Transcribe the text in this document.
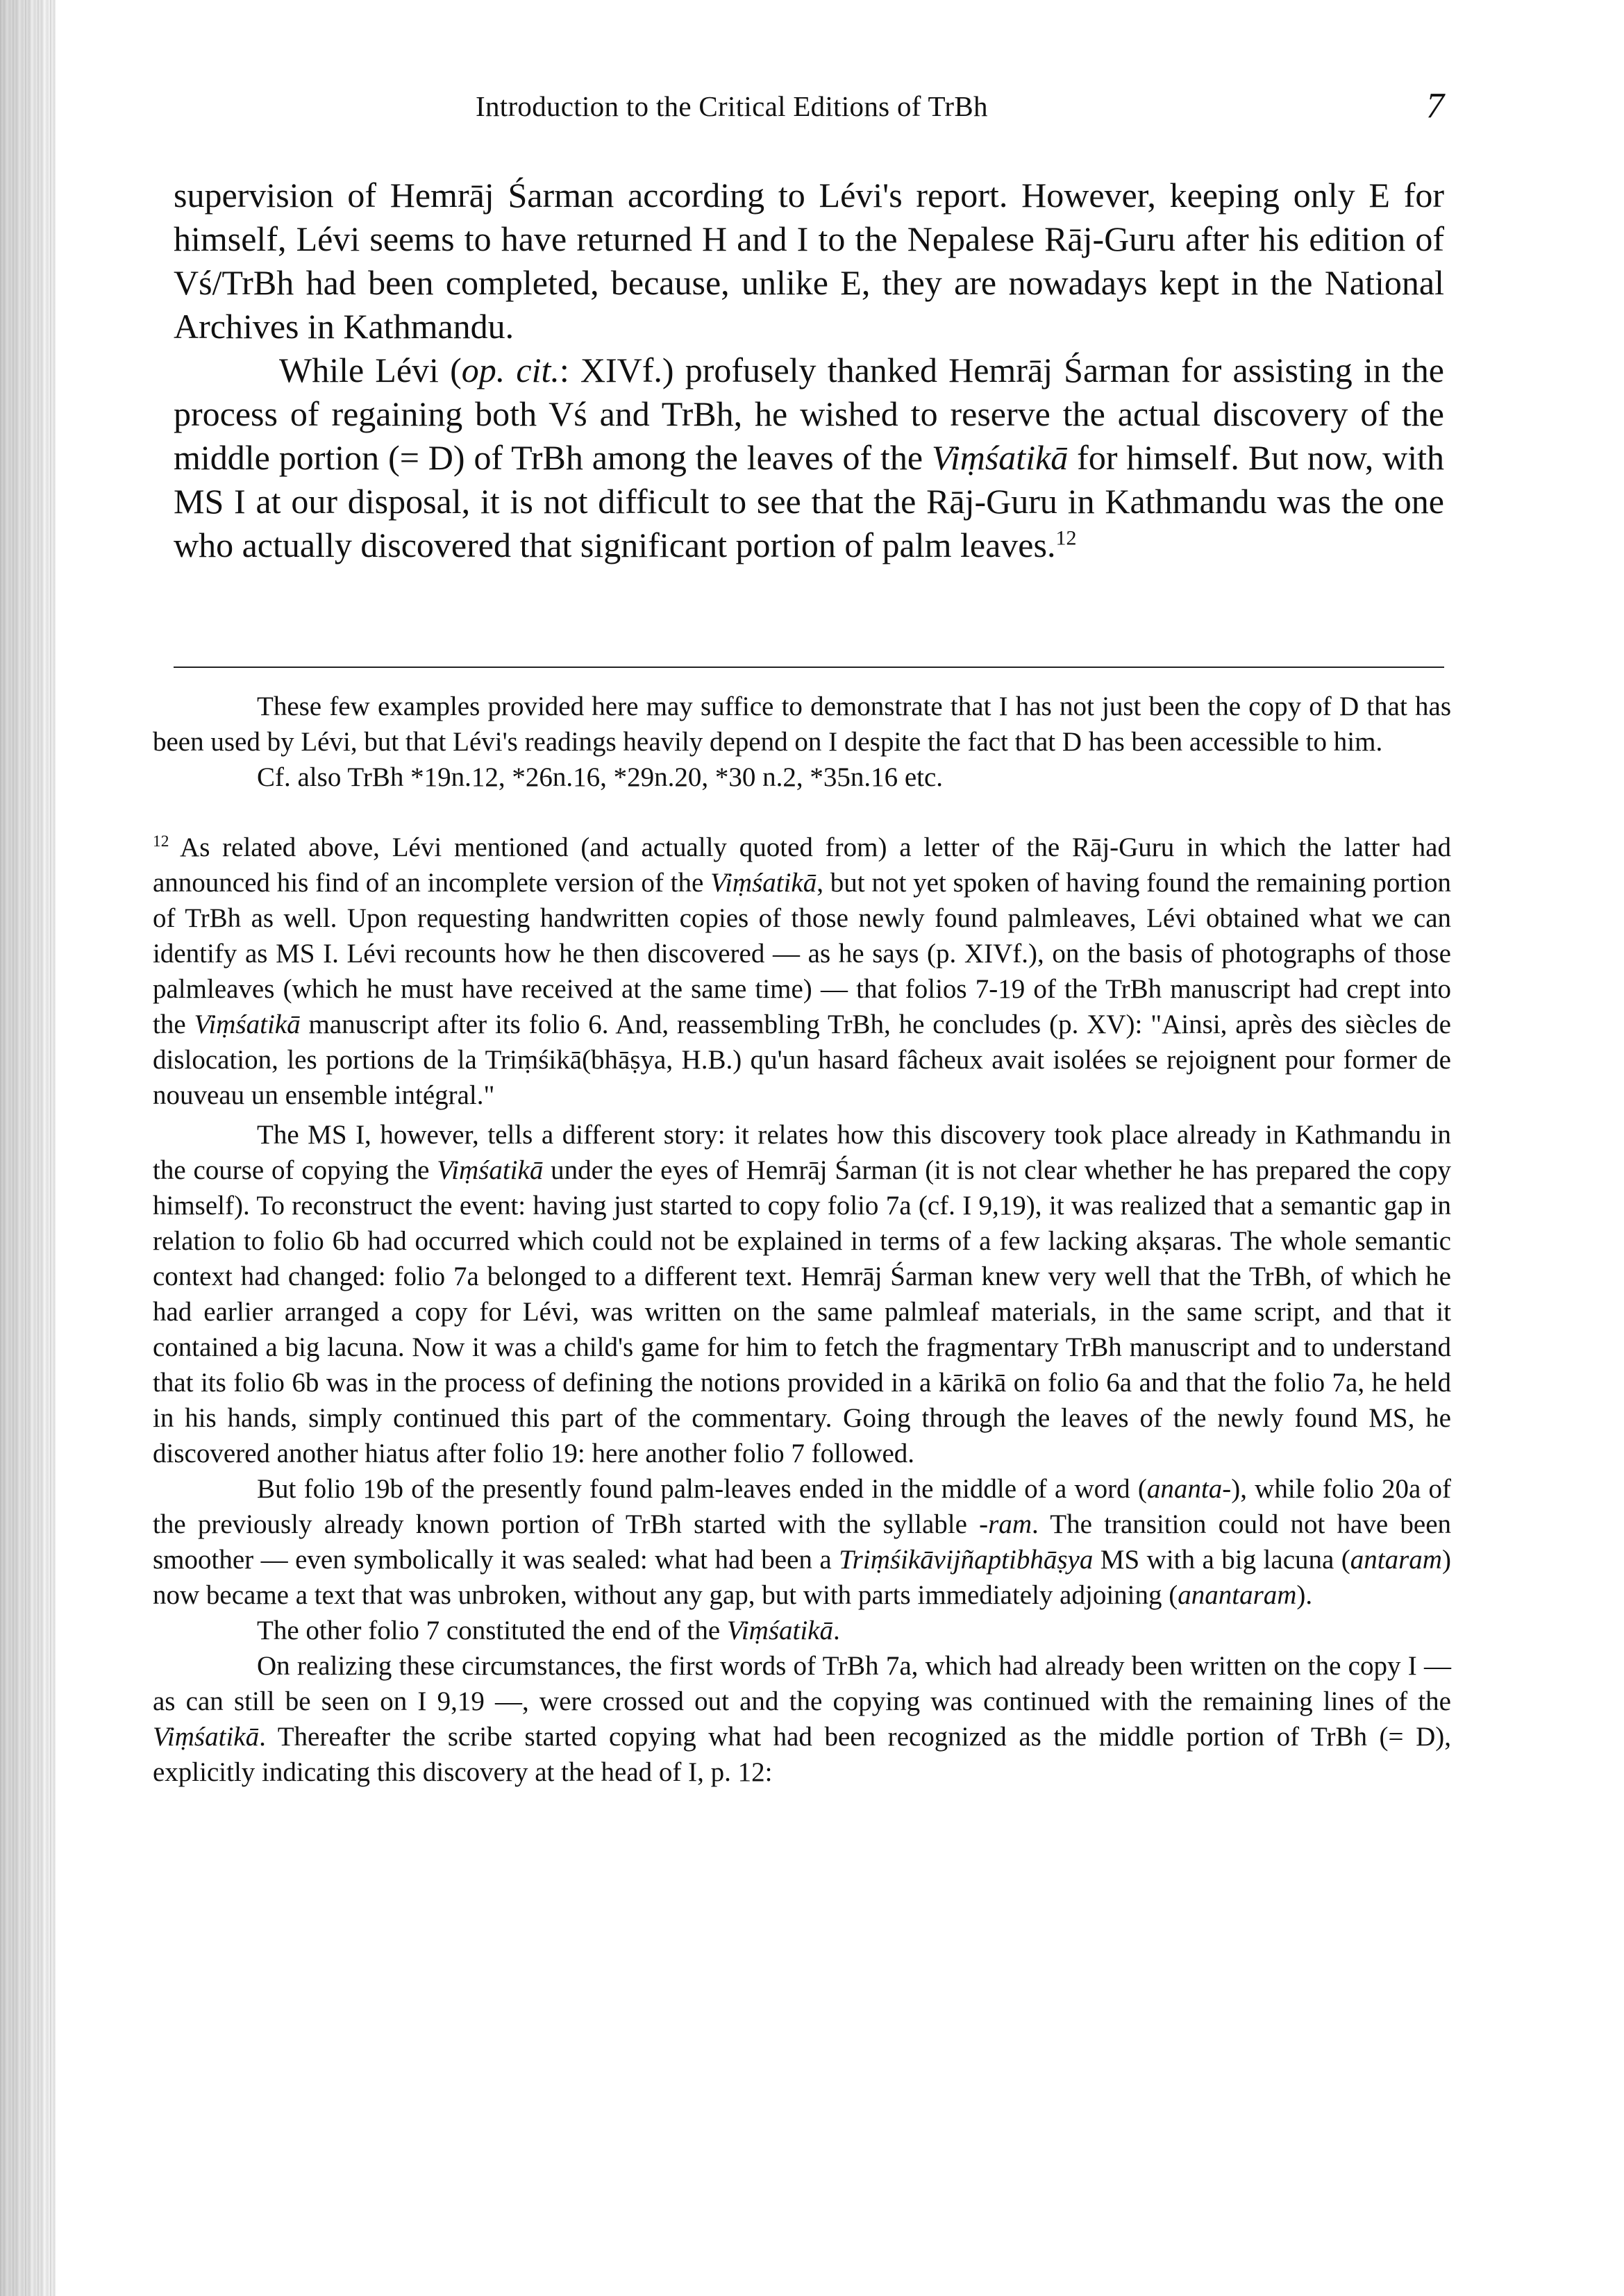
Introduction to the Critical Editions of TrBh	7

supervision of Hemrāj Śarman according to Lévi's report. However, keeping only E for himself, Lévi seems to have returned H and I to the Nepalese Rāj-Guru after his edition of Vś/TrBh had been completed, because, unlike E, they are nowadays kept in the National Archives in Kathmandu.

While Lévi (op. cit.: XIVf.) profusely thanked Hemrāj Śarman for assisting in the process of regaining both Vś and TrBh, he wished to reserve the actual discovery of the middle portion (= D) of TrBh among the leaves of the Viṃśatikā for himself. But now, with MS I at our disposal, it is not difficult to see that the Rāj-Guru in Kathmandu was the one who actually discovered that significant portion of palm leaves.$^{12}$

These few examples provided here may suffice to demonstrate that I has not just been the copy of D that has been used by Lévi, but that Lévi's readings heavily depend on I despite the fact that D has been accessible to him.

Cf. also TrBh *19n.12, *26n.16, *29n.20, *30 n.2, *35n.16 etc.

$^{12}$ As related above, Lévi mentioned (and actually quoted from) a letter of the Rāj-Guru in which the latter had announced his find of an incomplete version of the Viṃśatikā, but not yet spoken of having found the remaining portion of TrBh as well. Upon requesting handwritten copies of those newly found palmleaves, Lévi obtained what we can identify as MS I. Lévi recounts how he then discovered — as he says (p. XIVf.), on the basis of photographs of those palmleaves (which he must have received at the same time) — that folios 7-19 of the TrBh manuscript had crept into the Viṃśatikā manuscript after its folio 6. And, reassembling TrBh, he concludes (p. XV): "Ainsi, après des siècles de dislocation, les portions de la Triṃśikā(bhāṣya, H.B.) qu'un hasard fâcheux avait isolées se rejoignent pour former de nouveau un ensemble intégral."

The MS I, however, tells a different story: it relates how this discovery took place already in Kathmandu in the course of copying the Viṃśatikā under the eyes of Hemrāj Śarman (it is not clear whether he has prepared the copy himself). To reconstruct the event: having just started to copy folio 7a (cf. I 9,19), it was realized that a semantic gap in relation to folio 6b had occurred which could not be explained in terms of a few lacking akṣaras. The whole semantic context had changed: folio 7a belonged to a different text. Hemrāj Śarman knew very well that the TrBh, of which he had earlier arranged a copy for Lévi, was written on the same palmleaf materials, in the same script, and that it contained a big lacuna. Now it was a child's game for him to fetch the fragmentary TrBh manuscript and to understand that its folio 6b was in the process of defining the notions provided in a kārikā on folio 6a and that the folio 7a, he held in his hands, simply continued this part of the commentary. Going through the leaves of the newly found MS, he discovered another hiatus after folio 19: here another folio 7 followed.

But folio 19b of the presently found palm-leaves ended in the middle of a word (ananta-), while folio 20a of the previously already known portion of TrBh started with the syllable -ram. The transition could not have been smoother — even symbolically it was sealed: what had been a Triṃśikāvijñaptibhāṣya MS with a big lacuna (antaram) now became a text that was unbroken, without any gap, but with parts immediately adjoining (anantaram).

The other folio 7 constituted the end of the Viṃśatikā.

On realizing these circumstances, the first words of TrBh 7a, which had already been written on the copy I — as can still be seen on I 9,19 —, were crossed out and the copying was continued with the remaining lines of the Viṃśatikā. Thereafter the scribe started copying what had been recognized as the middle portion of TrBh (= D), explicitly indicating this discovery at the head of I, p. 12:
